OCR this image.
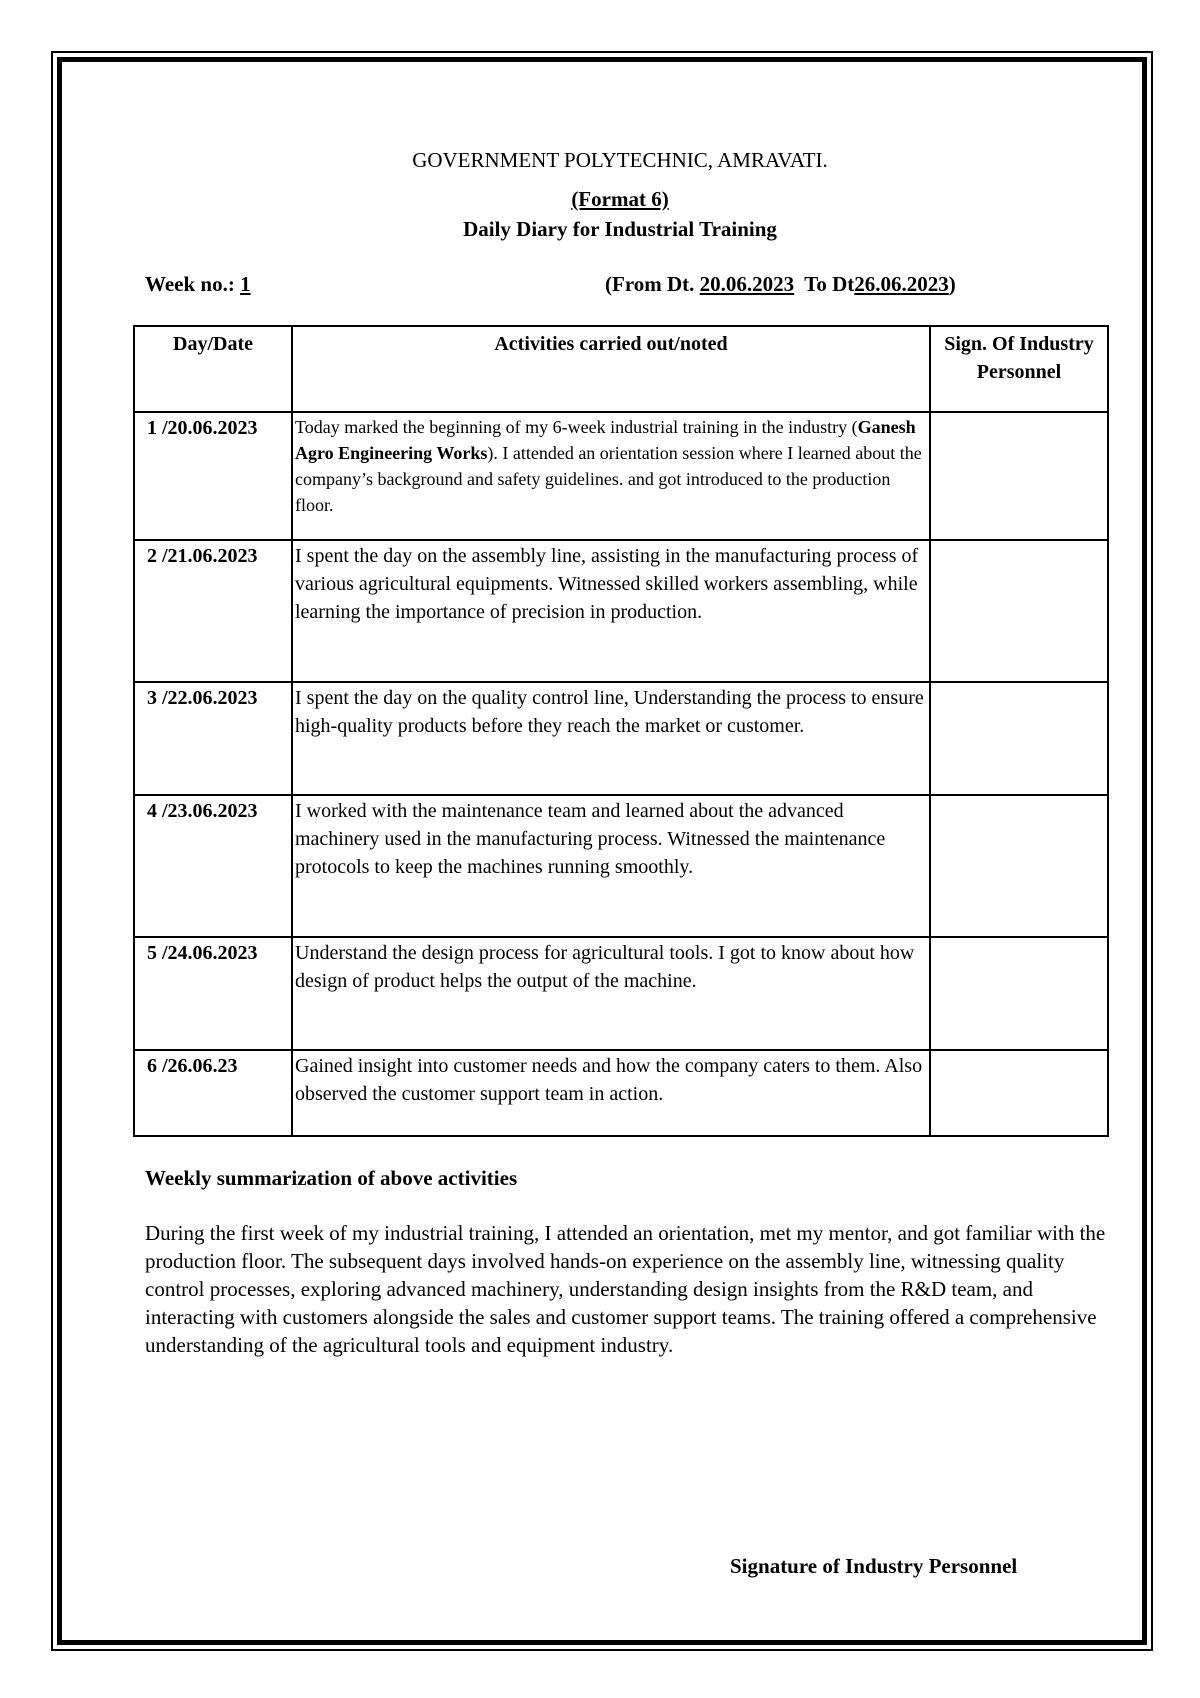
GOVERNMENT POLYTECHNIC, AMRAVATI.
(Format 6)
Daily Diary for Industrial Training
Week no.: 1	(From Dt. 20.06.2023 To Dt26.06.2023)
Day/Date	Activities carried out/noted	Sign. Of Industry Personnel
1 /20.06.2023	Today marked the beginning of my 6-week industrial training in the industry (Ganesh Agro Engineering Works). I attended an orientation session where I learned about the company’s background and safety guidelines. and got introduced to the production floor.	
2 /21.06.2023	I spent the day on the assembly line, assisting in the manufacturing process of various agricultural equipments. Witnessed skilled workers assembling, while learning the importance of precision in production.	
3 /22.06.2023	I spent the day on the quality control line, Understanding the process to ensure high-quality products before they reach the market or customer.	
4 /23.06.2023	I worked with the maintenance team and learned about the advanced machinery used in the manufacturing process. Witnessed the maintenance protocols to keep the machines running smoothly.	
5 /24.06.2023	Understand the design process for agricultural tools. I got to know about how design of product helps the output of the machine.	
6 /26.06.23	Gained insight into customer needs and how the company caters to them. Also observed the customer support team in action.	
Weekly summarization of above activities
During the first week of my industrial training, I attended an orientation, met my mentor, and got familiar with the production floor. The subsequent days involved hands-on experience on the assembly line, witnessing quality control processes, exploring advanced machinery, understanding design insights from the R&D team, and interacting with customers alongside the sales and customer support teams. The training offered a comprehensive understanding of the agricultural tools and equipment industry.
Signature of Industry Personnel
